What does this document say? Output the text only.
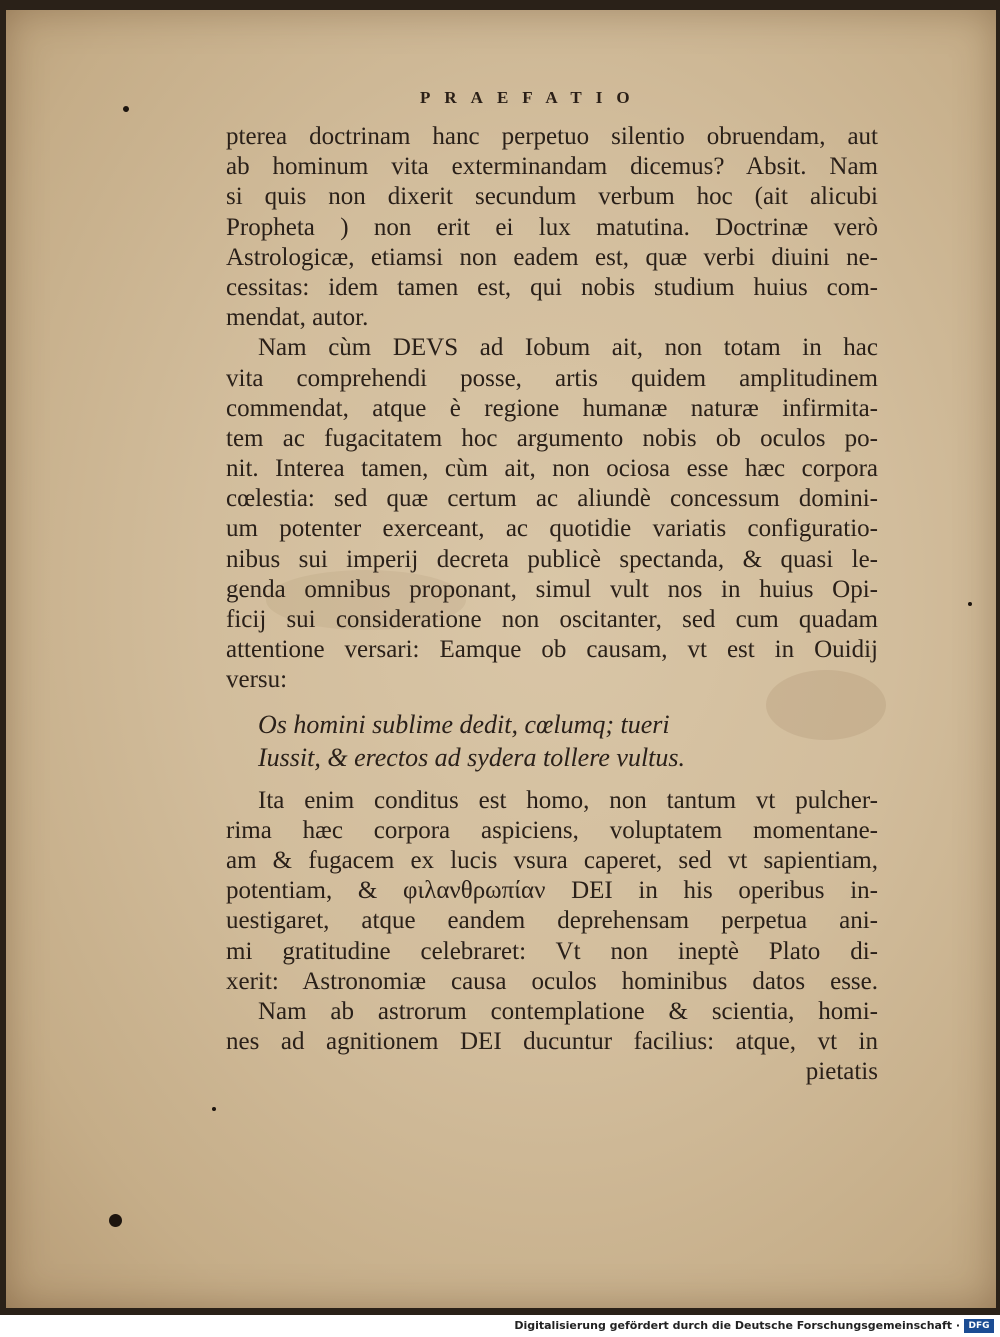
PRAEFATIO
pterea doctrinam hanc perpetuo silentio obruendam, aut
ab hominum vita exterminandam dicemus? Absit. Nam
si quis non dixerit secundum verbum hoc (ait alicubi
Propheta ) non erit ei lux matutina. Doctrinæ verò
Astrologicæ, etiamsi non eadem est, quæ verbi diuini ne-
cessitas: idem tamen est, qui nobis studium huius com-
mendat, autor.
Nam cùm DEVS ad Iobum ait, non totam in hac
vita comprehendi posse, artis quidem amplitudinem
commendat, atque è regione humanæ naturæ infirmita-
tem ac fugacitatem hoc argumento nobis ob oculos po-
nit. Interea tamen, cùm ait, non ociosa esse hæc corpora
cœlestia: sed quæ certum ac aliundè concessum domini-
um potenter exerceant, ac quotidie variatis configuratio-
nibus sui imperij decreta publicè spectanda, & quasi le-
genda omnibus proponant, simul vult nos in huius Opi-
ficij sui consideratione non oscitanter, sed cum quadam
attentione versari: Eamque ob causam, vt est in Ouidij
versu:
Os homini sublime dedit, cœlumq; tueri
Iussit, & erectos ad sydera tollere vultus.
Ita enim conditus est homo, non tantum vt pulcher-
rima hæc corpora aspiciens, voluptatem momentane-
am & fugacem ex lucis vsura caperet, sed vt sapientiam,
potentiam, & φιλανθρωπίαν DEI in his operibus in-
uestigaret, atque eandem deprehensam perpetua ani-
mi gratitudine celebraret: Vt non ineptè Plato di-
xerit: Astronomiæ causa oculos hominibus datos esse.
Nam ab astrorum contemplatione & scientia, homi-
nes ad agnitionem DEI ducuntur facilius: atque, vt in
pietatis
Digitalisierung gefördert durch die Deutsche Forschungsgemeinschaft · DFG
